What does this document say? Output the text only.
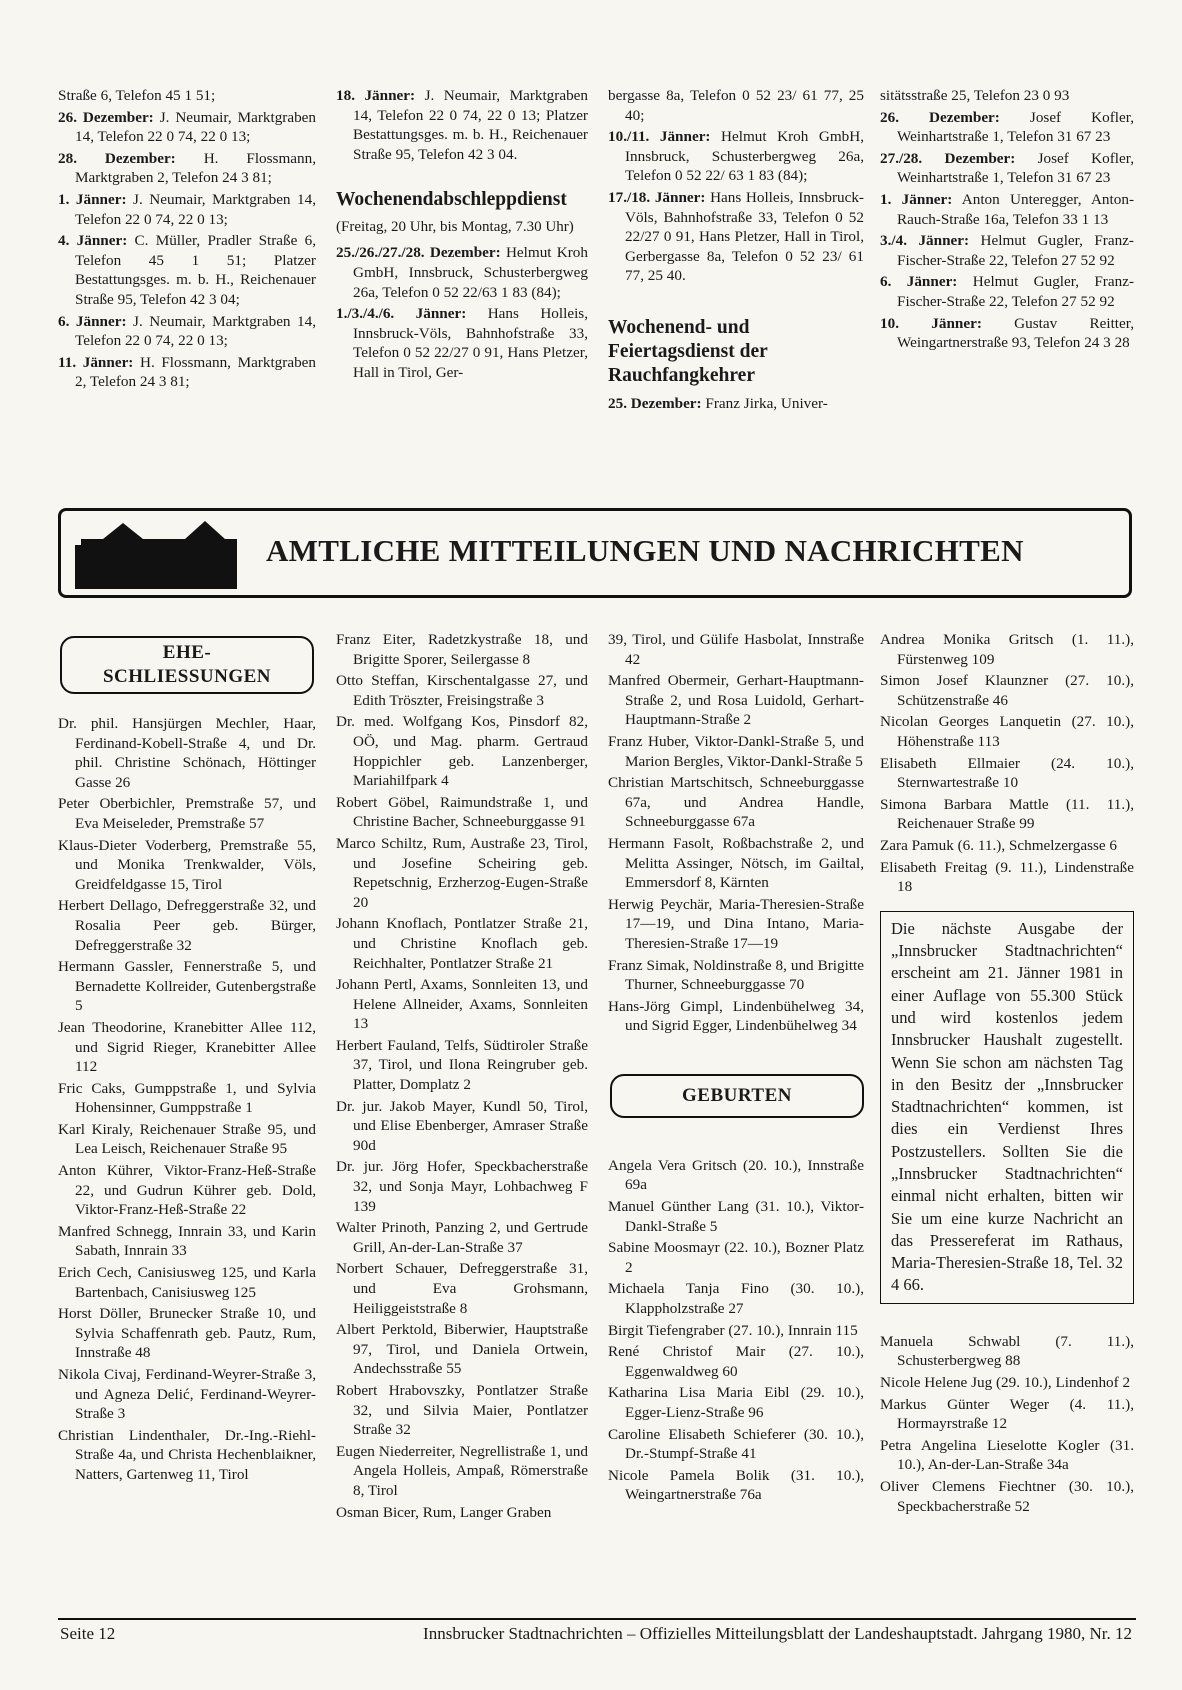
Straße 6, Telefon 45 1 51;
26. Dezember: J. Neumair, Marktgraben 14, Telefon 22 0 74, 22 0 13;
28. Dezember: H. Flossmann, Marktgraben 2, Telefon 24 3 81;
1. Jänner: J. Neumair, Marktgraben 14, Telefon 22 0 74, 22 0 13;
4. Jänner: C. Müller, Pradler Straße 6, Telefon 45 1 51; Platzer Bestattungsges. m. b. H., Reichenauer Straße 95, Telefon 42 3 04;
6. Jänner: J. Neumair, Marktgraben 14, Telefon 22 0 74, 22 0 13;
11. Jänner: H. Flossmann, Marktgraben 2, Telefon 24 3 81;
18. Jänner: J. Neumair, Marktgraben 14, Telefon 22 0 74, 22 0 13; Platzer Bestattungsges. m. b. H., Reichenauer Straße 95, Telefon 42 3 04.
Wochenendabschleppdienst
(Freitag, 20 Uhr, bis Montag, 7.30 Uhr)
25./26./27./28. Dezember: Helmut Kroh GmbH, Innsbruck, Schusterbergweg 26a, Telefon 0 52 22/63 1 83 (84);
1./3./4./6. Jänner: Hans Holleis, Innsbruck-Völs, Bahnhofstraße 33, Telefon 0 52 22/27 0 91, Hans Pletzer, Hall in Tirol, Ger-
bergasse 8a, Telefon 0 52 23/ 61 77, 25 40;
10./11. Jänner: Helmut Kroh GmbH, Innsbruck, Schusterbergweg 26a, Telefon 0 52 22/ 63 1 83 (84);
17./18. Jänner: Hans Holleis, Innsbruck-Völs, Bahnhofstraße 33, Telefon 0 52 22/27 0 91, Hans Pletzer, Hall in Tirol, Gerbergasse 8a, Telefon 0 52 23/ 61 77, 25 40.
Wochenend- und Feiertagsdienst der Rauchfangkehrer
25. Dezember: Franz Jirka, Univer-
sitätsstraße 25, Telefon 23 0 93
26. Dezember: Josef Kofler, Weinhartstraße 1, Telefon 31 67 23
27./28. Dezember: Josef Kofler, Weinhartstraße 1, Telefon 31 67 23
1. Jänner: Anton Unteregger, Anton-Rauch-Straße 16a, Telefon 33 1 13
3./4. Jänner: Helmut Gugler, Franz-Fischer-Straße 22, Telefon 27 52 92
6. Jänner: Helmut Gugler, Franz-Fischer-Straße 22, Telefon 27 52 92
10. Jänner: Gustav Reitter, Weingartnerstraße 93, Telefon 24 3 28
AMTLICHE MITTEILUNGEN UND NACHRICHTEN
EHE-
SCHLIESSUNGEN
Dr. phil. Hansjürgen Mechler, Haar, Ferdinand-Kobell-Straße 4, und Dr. phil. Christine Schönach, Höttinger Gasse 26
Peter Oberbichler, Premstraße 57, und Eva Meiseleder, Premstraße 57
Klaus-Dieter Voderberg, Premstraße 55, und Monika Trenkwalder, Völs, Greidfeldgasse 15, Tirol
Herbert Dellago, Defreggerstraße 32, und Rosalia Peer geb. Bürger, Defreggerstraße 32
Hermann Gassler, Fennerstraße 5, und Bernadette Kollreider, Gutenbergstraße 5
Jean Theodorine, Kranebitter Allee 112, und Sigrid Rieger, Kranebitter Allee 112
Fric Caks, Gumppstraße 1, und Sylvia Hohensinner, Gumppstraße 1
Karl Kiraly, Reichenauer Straße 95, und Lea Leisch, Reichenauer Straße 95
Anton Kührer, Viktor-Franz-Heß-Straße 22, und Gudrun Kührer geb. Dold, Viktor-Franz-Heß-Straße 22
Manfred Schnegg, Innrain 33, und Karin Sabath, Innrain 33
Erich Cech, Canisiusweg 125, und Karla Bartenbach, Canisiusweg 125
Horst Döller, Brunecker Straße 10, und Sylvia Schaffenrath geb. Pautz, Rum, Innstraße 48
Nikola Civaj, Ferdinand-Weyrer-Straße 3, und Agneza Delić, Ferdinand-Weyrer-Straße 3
Christian Lindenthaler, Dr.-Ing.-Riehl-Straße 4a, und Christa Hechenblaikner, Natters, Gartenweg 11, Tirol
Franz Eiter, Radetzkystraße 18, und Brigitte Sporer, Seilergasse 8
Otto Steffan, Kirschentalgasse 27, und Edith Tröszter, Freisingstraße 3
Dr. med. Wolfgang Kos, Pinsdorf 82, OÖ, und Mag. pharm. Gertraud Hoppichler geb. Lanzenberger, Mariahilfpark 4
Robert Göbel, Raimundstraße 1, und Christine Bacher, Schneeburggasse 91
Marco Schiltz, Rum, Austraße 23, Tirol, und Josefine Scheiring geb. Repetschnig, Erzherzog-Eugen-Straße 20
Johann Knoflach, Pontlatzer Straße 21, und Christine Knoflach geb. Reichhalter, Pontlatzer Straße 21
Johann Pertl, Axams, Sonnleiten 13, und Helene Allneider, Axams, Sonnleiten 13
Herbert Fauland, Telfs, Südtiroler Straße 37, Tirol, und Ilona Reingruber geb. Platter, Domplatz 2
Dr. jur. Jakob Mayer, Kundl 50, Tirol, und Elise Ebenberger, Amraser Straße 90d
Dr. jur. Jörg Hofer, Speckbacherstraße 32, und Sonja Mayr, Lohbachweg F 139
Walter Prinoth, Panzing 2, und Gertrude Grill, An-der-Lan-Straße 37
Norbert Schauer, Defreggerstraße 31, und Eva Grohsmann, Heiliggeiststraße 8
Albert Perktold, Biberwier, Hauptstraße 97, Tirol, und Daniela Ortwein, Andechsstraße 55
Robert Hrabovszky, Pontlatzer Straße 32, und Silvia Maier, Pontlatzer Straße 32
Eugen Niederreiter, Negrellistraße 1, und Angela Holleis, Ampaß, Römerstraße 8, Tirol
Osman Bicer, Rum, Langer Graben
39, Tirol, und Gülife Hasbolat, Innstraße 42
Manfred Obermeir, Gerhart-Hauptmann-Straße 2, und Rosa Luidold, Gerhart-Hauptmann-Straße 2
Franz Huber, Viktor-Dankl-Straße 5, und Marion Bergles, Viktor-Dankl-Straße 5
Christian Martschitsch, Schneeburggasse 67a, und Andrea Handle, Schneeburggasse 67a
Hermann Fasolt, Roßbachstraße 2, und Melitta Assinger, Nötsch, im Gailtal, Emmersdorf 8, Kärnten
Herwig Peychär, Maria-Theresien-Straße 17—19, und Dina Intano, Maria-Theresien-Straße 17—19
Franz Simak, Noldinstraße 8, und Brigitte Thurner, Schneeburggasse 70
Hans-Jörg Gimpl, Lindenbühelweg 34, und Sigrid Egger, Lindenbühelweg 34
GEBURTEN
Angela Vera Gritsch (20. 10.), Innstraße 69a
Manuel Günther Lang (31. 10.), Viktor-Dankl-Straße 5
Sabine Moosmayr (22. 10.), Bozner Platz 2
Michaela Tanja Fino (30. 10.), Klappholzstraße 27
Birgit Tiefengraber (27. 10.), Innrain 115
René Christof Mair (27. 10.), Eggenwaldweg 60
Katharina Lisa Maria Eibl (29. 10.), Egger-Lienz-Straße 96
Caroline Elisabeth Schieferer (30. 10.), Dr.-Stumpf-Straße 41
Nicole Pamela Bolik (31. 10.), Weingartnerstraße 76a
Andrea Monika Gritsch (1. 11.), Fürstenweg 109
Simon Josef Klaunzner (27. 10.), Schützenstraße 46
Nicolan Georges Lanquetin (27. 10.), Höhenstraße 113
Elisabeth Ellmaier (24. 10.), Sternwartestraße 10
Simona Barbara Mattle (11. 11.), Reichenauer Straße 99
Zara Pamuk (6. 11.), Schmelzergasse 6
Elisabeth Freitag (9. 11.), Lindenstraße 18
Die nächste Ausgabe der „Innsbrucker Stadtnachrichten“ erscheint am 21. Jänner 1981 in einer Auflage von 55.300 Stück und wird kostenlos jedem Innsbrucker Haushalt zugestellt. Wenn Sie schon am nächsten Tag in den Besitz der „Innsbrucker Stadtnachrichten“ kommen, ist dies ein Verdienst Ihres Postzustellers. Sollten Sie die „Innsbrucker Stadtnachrichten“ einmal nicht erhalten, bitten wir Sie um eine kurze Nachricht an das Pressereferat im Rathaus, Maria-Theresien-Straße 18, Tel. 32 4 66.
Manuela Schwabl (7. 11.), Schusterbergweg 88
Nicole Helene Jug (29. 10.), Lindenhof 2
Markus Günter Weger (4. 11.), Hormayrstraße 12
Petra Angelina Lieselotte Kogler (31. 10.), An-der-Lan-Straße 34a
Oliver Clemens Fiechtner (30. 10.), Speckbacherstraße 52
Seite 12	Innsbrucker Stadtnachrichten – Offizielles Mitteilungsblatt der Landeshauptstadt. Jahrgang 1980, Nr. 12
